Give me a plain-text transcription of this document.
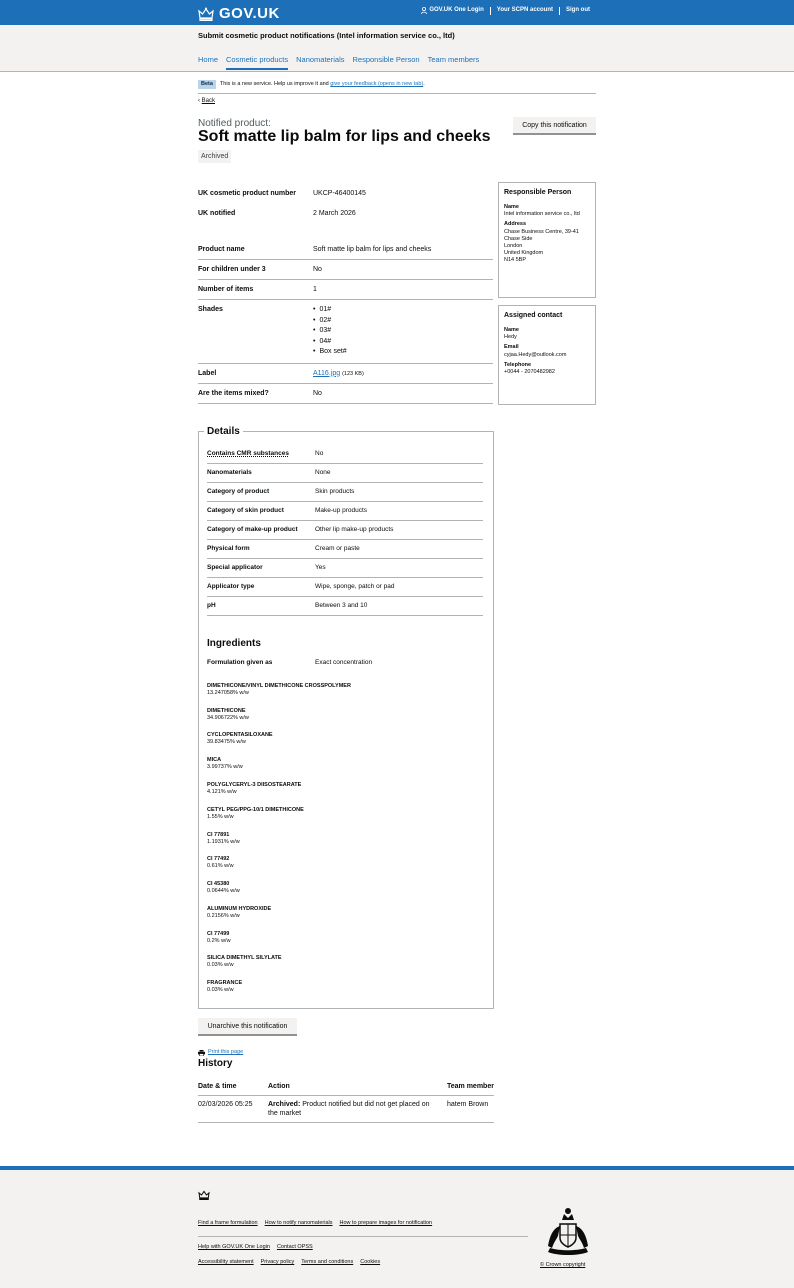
GOV.UK	GOV.UK One Login	Your SCPN account	Sign out
Submit cosmetic product notifications (Intel information service co., ltd)
Home Cosmetic products Nanomaterials Responsible Person Team members
Beta	This is a new service. Help us improve it and
give your feedback (opens in new tab) .
‹ Back
Notified product:
Soft matte lip balm for lips and cheeks
Archived
Copy this notification
UK cosmetic product number	UKCP-46400145
UK notified	2 March 2026
Product name	Soft matte lip balm for lips and cheeks
For children under 3	No
Number of items	1
Shades
•	01#
• 02#
• 03#
• 04#
• Box set#
Label	A116.jpg (123 KB)
Are the items mixed?	No
Responsible Person
Name
Intel information service co., ltd
Address
Chase Business Centre, 39-41 Chase Side
London
United Kingdom
N14 5BP
Assigned contact
Name
Hedy
Email
cyjaa.Hedy@outlook.com
Telephone
+0044 - 2070482982
Details
Contains CMR substances	No
Nanomaterials	None
Category of product	Skin products
Category of skin product	Make-up products
Category of make-up product	Other lip make-up products
Physical form	Cream or paste
Special applicator	Yes
Applicator type	Wipe, sponge, patch or pad
pH	Between 3 and 10
Ingredients
Formulation given as	Exact concentration
DIMETHICONE/VINYL DIMETHICONE CROSSPOLYMER
13.247058% w/w
DIMETHICONE
34.906722% w/w
CYCLOPENTASILOXANE
39.83475% w/w
MICA
3.99737% w/w
POLYGLYCERYL-3 DIISOSTEARATE
4.121% w/w
CETYL PEG/PPG-10/1 DIMETHICONE
1.55% w/w
CI 77891
1.1931% w/w
CI 77492
0.61% w/w
CI 45380
0.0644% w/w
ALUMINUM HYDROXIDE
0.2156% w/w
CI 77499
0.2% w/w
SILICA DIMETHYL SILYLATE
0.03% w/w
FRAGRANCE
0.03% w/w
Unarchive this notification
Print this page
History
Date & time	Action	Team member
02/03/2026 05:25	Archived: Product notified but did not get placed on the market
hatem Brown
Find a frame formulation How to notify nanomaterials How to prepare images for notification
Help with GOV.UK One Login Contact OPSS
Accessibility statement Privacy policy Terms and conditions Cookies	© Crown copyright
